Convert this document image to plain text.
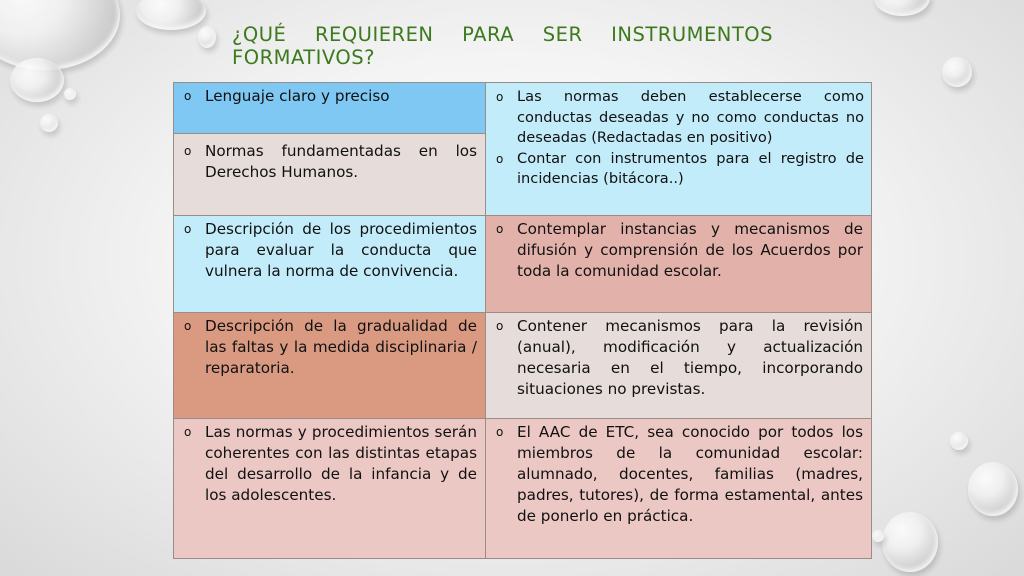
¿QUÉ REQUIEREN PARA SER INSTRUMENTOS FORMATIVOS?
o Lenguaje claro y preciso
o	Las normas deben establecerse como conductas deseadas y no como conductas no deseadas (Redactadas en positivo)
o Contar con instrumentos para el registro de incidencias (bitácora..)
o Normas fundamentadas en los Derechos Humanos.
o Descripción de los procedimientos para evaluar la conducta que vulnera la norma de convivencia.
o Contemplar instancias y mecanismos de difusión y comprensión de los Acuerdos por toda la comunidad escolar.
o Descripción de la gradualidad de las faltas y la medida disciplinaria / reparatoria.
o Contener mecanismos para la revisión (anual), modificación y actualización necesaria en el tiempo, incorporando situaciones no previstas.
o Las normas y procedimientos serán coherentes con las distintas etapas del desarrollo de la infancia y de los adolescentes.
o El AAC de ETC, sea conocido por todos los miembros de la comunidad escolar: alumnado, docentes, familias (madres, padres, tutores), de forma estamental, antes de ponerlo en práctica.
